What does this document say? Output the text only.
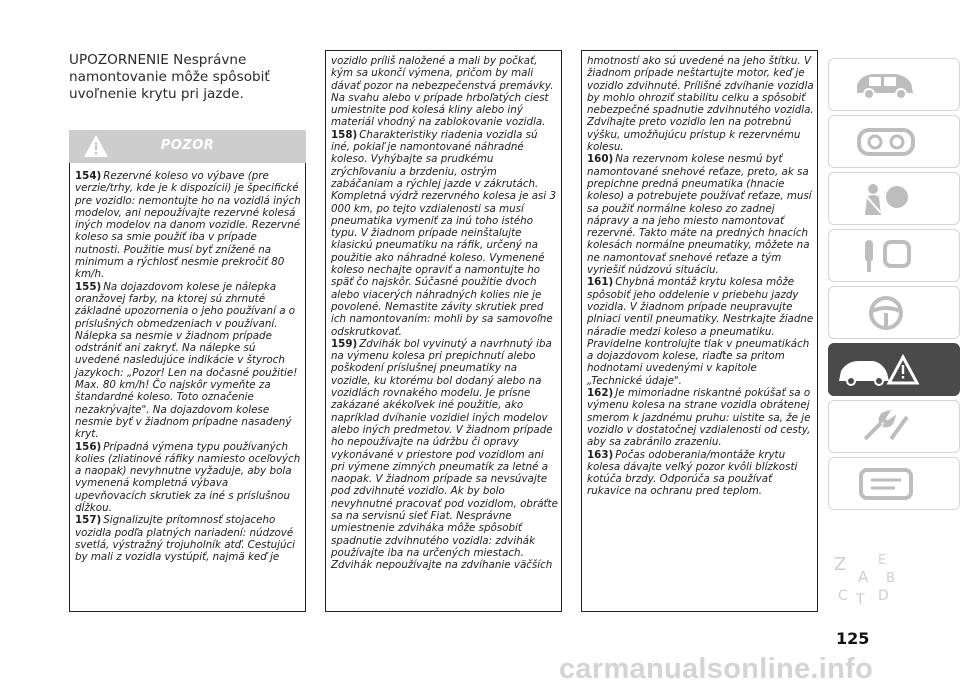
UPOZORNENIE Nesprávne namontovanie môže spôsobiť uvoľnenie krytu pri jazde.
POZOR

154) Rezervné koleso vo výbave (pre verzie/trhy, kde je k dispozícii) je špecifické pre vozidlo: nemontujte ho na vozidlá iných modelov, ani nepoužívajte rezervné kolesá iných modelov na danom vozidle. Rezervné koleso sa smie použiť iba v prípade nutnosti. Použitie musí byť znížené na minimum a rýchlosť nesmie prekročiť 80 km/h.

155) Na dojazdovom kolese je nálepka oranžovej farby, na ktorej sú zhrnuté základné upozornenia o jeho používaní a o príslušných obmedzeniach v používaní. Nálepka sa nesmie v žiadnom prípade odstrániť ani zakryť. Na nálepke sú uvedené nasledujúce indikácie v štyroch jazykoch: „Pozor! Len na dočasné použitie! Max. 80 km/h! Čo najskôr vymeňte za štandardné koleso. Toto označenie nezakrývajte". Na dojazdovom kolese nesmie byť v žiadnom prípadne nasadený kryt.

156) Prípadná výmena typu používaných kolies (zliatinové ráfiky namiesto oceľových a naopak) nevyhnutne vyžaduje, aby bola vymenená kompletná výbava upevňovacích skrutiek za iné s príslušnou dĺžkou.

157) Signalizujte prítomnosť stojaceho vozidla podľa platných nariadení: núdzové svetlá, výstražný trojuholník atď. Cestujúci by mali z vozidla vystúpiť, najmä keď je

vozidlo príliš naložené a mali by počkať, kým sa ukončí výmena, pričom by mali dávať pozor na nebezpečenstvá premávky. Na svahu alebo v prípade hrboľatých ciest umiestnite pod kolesá kliny alebo iný materiál vhodný na zablokovanie vozidla.

158) Charakteristiky riadenia vozidla sú iné, pokiaľ je namontované náhradné koleso. Vyhýbajte sa prudkému zrýchľovaniu a brzdeniu, ostrým zabáčaniam a rýchlej jazde v zákrutách. Kompletná výdrž rezervného kolesa je asi 3 000 km, po tejto vzdialenosti sa musí pneumatika vymeniť za inú toho istého typu. V žiadnom prípade neinštalujte klasickú pneumatiku na ráfik, určený na použitie ako náhradné koleso. Vymenené koleso nechajte opraviť a namontujte ho späť čo najskôr. Súčasné použitie dvoch alebo viacerých náhradných kolies nie je povolené. Nemastite závity skrutiek pred ich namontovaním: mohli by sa samovoľne odskrutkovať.

159) Zdvihák bol vyvinutý a navrhnutý iba na výmenu kolesa pri prepichnutí alebo poškodení príslušnej pneumatiky na vozidle, ku ktorému bol dodaný alebo na vozidlách rovnakého modelu. Je prísne zakázané akékoľvek iné použitie, ako napríklad dvíhanie vozidiel iných modelov alebo iných predmetov. V žiadnom prípade ho nepoužívajte na údržbu či opravy vykonávané v priestore pod vozidlom ani pri výmene zimných pneumatík za letné a naopak. V žiadnom prípade sa nevsúvajte pod zdvihnuté vozidlo. Ak by bolo nevyhnutné pracovať pod vozidlom, obráťte sa na servisnú sieť Fiat. Nesprávne umiestnenie zdviháka môže spôsobiť spadnutie zdvihnutého vozidla: zdvihák používajte iba na určených miestach. Zdvihák nepoužívajte na zdvíhanie väčších

hmotností ako sú uvedené na jeho štítku. V žiadnom prípade neštartujte motor, keď je vozidlo zdvihnuté. Prílišné zdvíhanie vozidla by mohlo ohroziť stabilitu celku a spôsobiť nebezpečné spadnutie zdvihnutého vozidla. Zdvíhajte preto vozidlo len na potrebnú výšku, umožňujúcu prístup k rezervnému kolesu.

160) Na rezervnom kolese nesmú byť namontované snehové reťaze, preto, ak sa prepichne predná pneumatika (hnacie koleso) a potrebujete používať reťaze, musí sa použiť normálne koleso zo zadnej nápravy a na jeho miesto namontovať rezervné. Takto máte na predných hnacích kolesách normálne pneumatiky, môžete na ne namontovať snehové reťaze a tým vyriešiť núdzovú situáciu.

161) Chybná montáž krytu kolesa môže spôsobiť jeho oddelenie v priebehu jazdy vozidla. V žiadnom prípade neupravujte plniaci ventil pneumatiky. Nestrkajte žiadne náradie medzi koleso a pneumatiku. Pravidelne kontrolujte tlak v pneumatikách a dojazdovom kolese, riaďte sa pritom hodnotami uvedenými v kapitole „Technické údaje".

162) Je mimoriadne riskantné pokúšať sa o výmenu kolesa na strane vozidla obrátenej smerom k jazdnému pruhu: uistite sa, že je vozidlo v dostatočnej vzdialenosti od cesty, aby sa zabránilo zrazeniu.

163) Počas odoberania/montáže krytu kolesa dávajte veľký pozor kvôli blízkosti kotúča brzdy. Odporúča sa používať rukavice na ochranu pred teplom.

Z E
A B
C T D
125
carmanualsonline.info
